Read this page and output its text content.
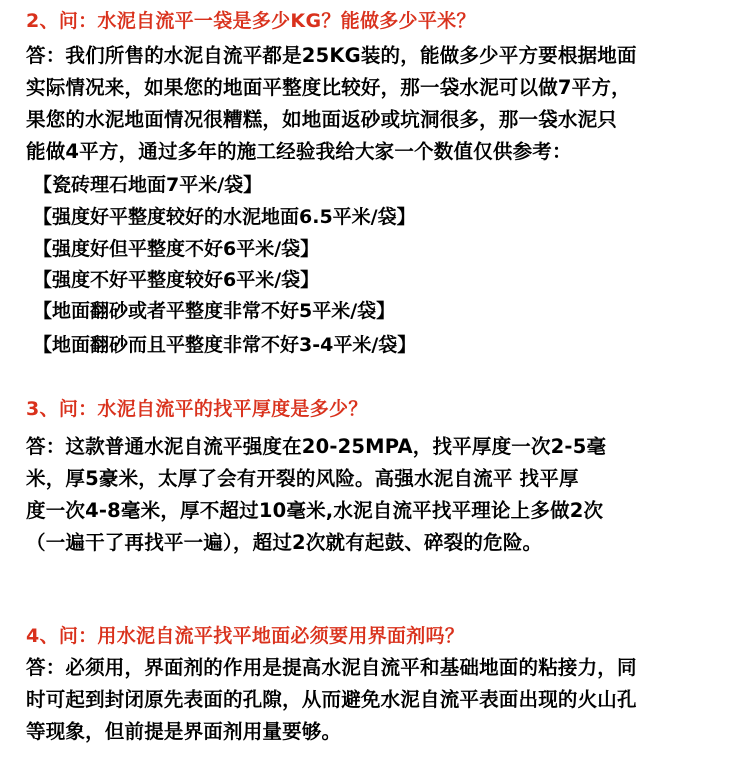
2、问：水泥自流平一袋是多少KG？能做多少平米？
答：我们所售的水泥自流平都是25KG装的，能做多少平方要根据地面
实际情况来，如果您的地面平整度比较好，那一袋水泥可以做7平方，
果您的水泥地面情况很糟糕，如地面返砂或坑洞很多，那一袋水泥只
能做4平方，通过多年的施工经验我给大家一个数值仅供参考：
【瓷砖理石地面7平米/袋】
【强度好平整度较好的水泥地面6.5平米/袋】
【强度好但平整度不好6平米/袋】
【强度不好平整度较好6平米/袋】
【地面翻砂或者平整度非常不好5平米/袋】
【地面翻砂而且平整度非常不好3-4平米/袋】
3、问：水泥自流平的找平厚度是多少？
答：这款普通水泥自流平强度在20-25MPA，找平厚度一次2-5毫
米，厚5豪米，太厚了会有开裂的风险。高强水泥自流平 找平厚
度一次4-8毫米，厚不超过10毫米,水泥自流平找平理论上多做2次
（一遍干了再找平一遍），超过2次就有起鼓、碎裂的危险。
4、问：用水泥自流平找平地面必须要用界面剂吗？
答：必须用，界面剂的作用是提高水泥自流平和基础地面的粘接力，同
时可起到封闭原先表面的孔隙，从而避免水泥自流平表面出现的火山孔
等现象，但前提是界面剂用量要够。
